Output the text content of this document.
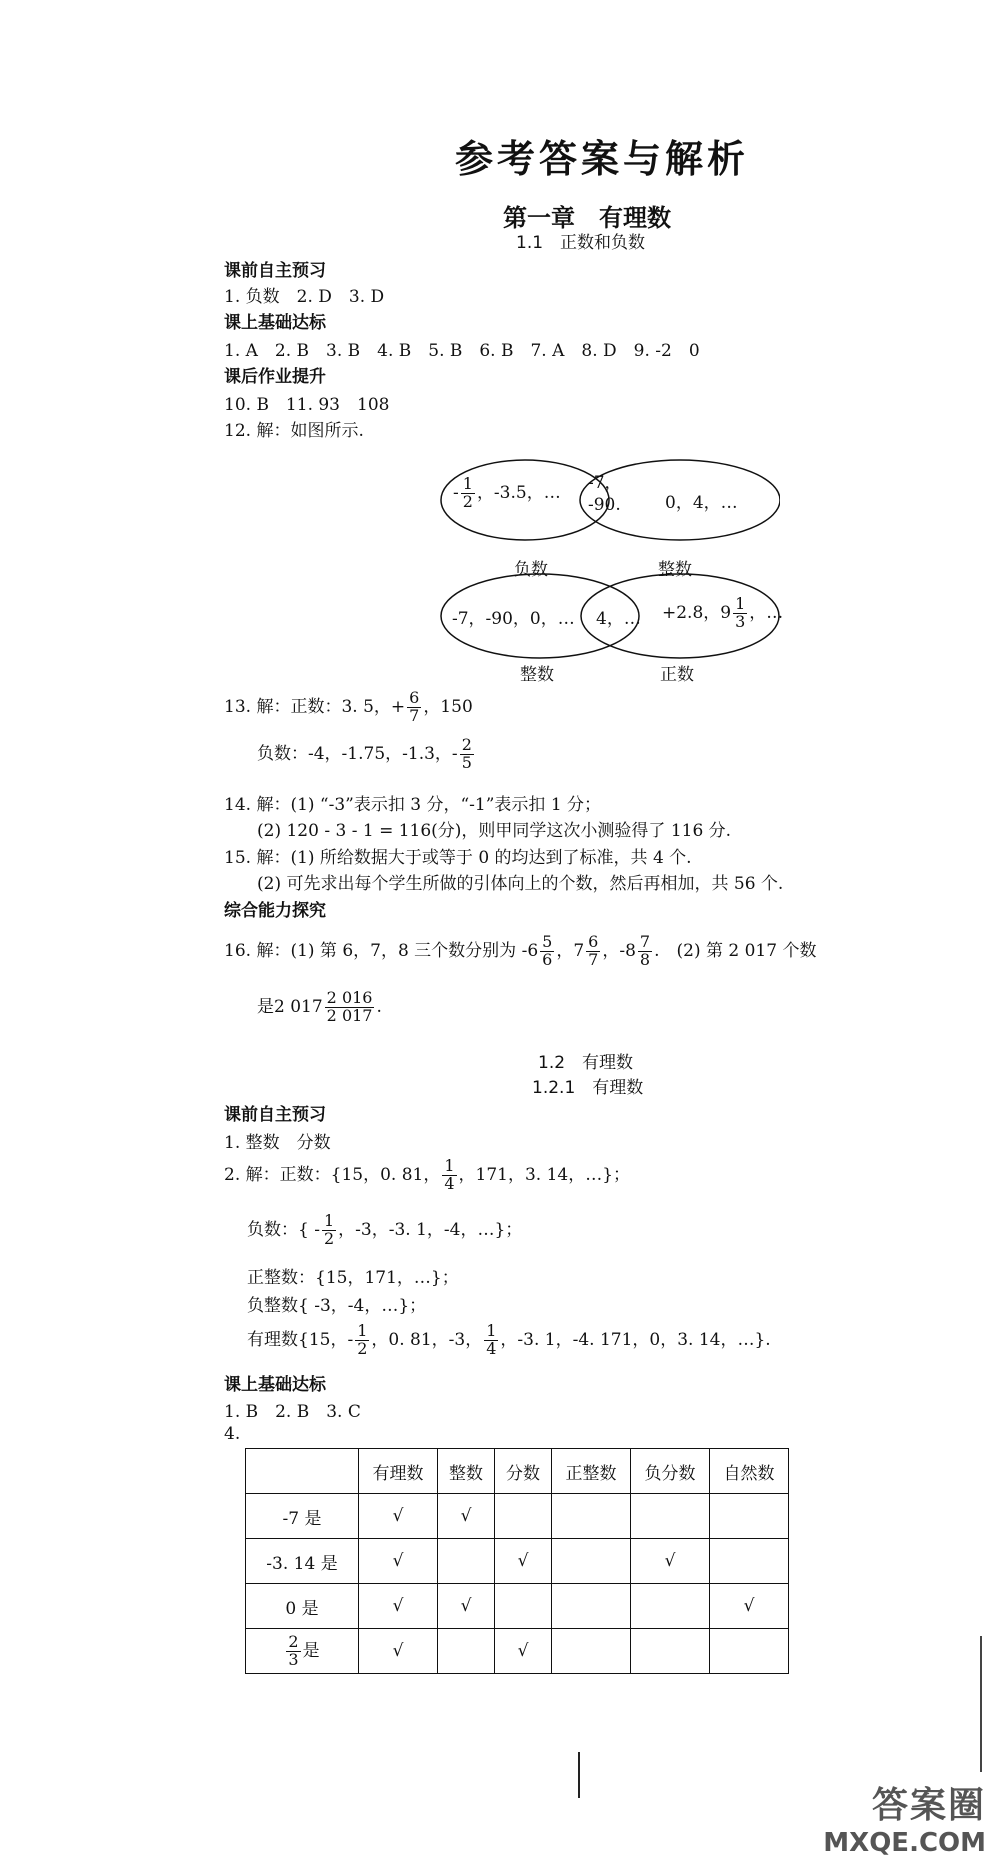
参考答案与解析
第一章　有理数
1.1　正数和负数
课前自主预习
1. 负数　2. D　3. D
课上基础达标
1. A　2. B　3. B　4. B　5. B　6. B　7. A　8. D　9. -2　0
课后作业提升
10. B　11. 93　108
12. 解：如图所示.
- $\frac{1}{2}$ ，-3.5，… -7，
-90.	0，4，…
负数	整数
-7，-90，0，… 4，… +2.8，$9 \frac{1}{3}$ ，…
整数	正数
13. 解：正数：3. 5，+ $\frac{6}{7}$ ，150
负数：-4，-1.75，-1.3，- $\frac{2}{5}$
14. 解：(1) “-3”表示扣 3 分，“-1”表示扣 1 分；
(2) 120 - 3 - 1 = 116(分)，则甲同学这次小测验得了 116 分.
15. 解：(1) 所给数据大于或等于 0 的均达到了标准，共 4 个.
(2) 可先求出每个学生所做的引体向上的个数，然后再相加，共 56 个.
综合能力探究
16. 解：(1) 第 6，7，8 三个数分别为 $-6 \frac{5}{6}$ ，$7 \frac{6}{7}$ ，$-8 \frac{7}{8}$ .　(2) 第 2 017 个数
是2 $017 \frac{2 016}{2 017}$ .
1.2　有理数
1.2.1　有理数
课前自主预习
1. 整数　分数
2. 解：正数：{15，0. 81， $\frac{1}{4}$ ，171，3. 14，…}；
负数：{ - $\frac{1}{2}$ ，-3，-3. 1，-4，…}；
正整数：{15，171，…}；
负整数{ -3，-4，…}；
有理数{15，- $\frac{1}{2}$ ，0. 81，-3， $\frac{1}{4}$ ，-3. 1，-4. 171，0，3. 14，…}.
课上基础达标
1. B　2. B　3. C
4.
	有理数	整数	分数	正整数	负分数	自然数
-7 是	√	√				
-3. 14 是	√		√		√	
0 是	√	√				√

$\frac{2}{3}$ 是	√		√			
答案圈
MXQE.COM
